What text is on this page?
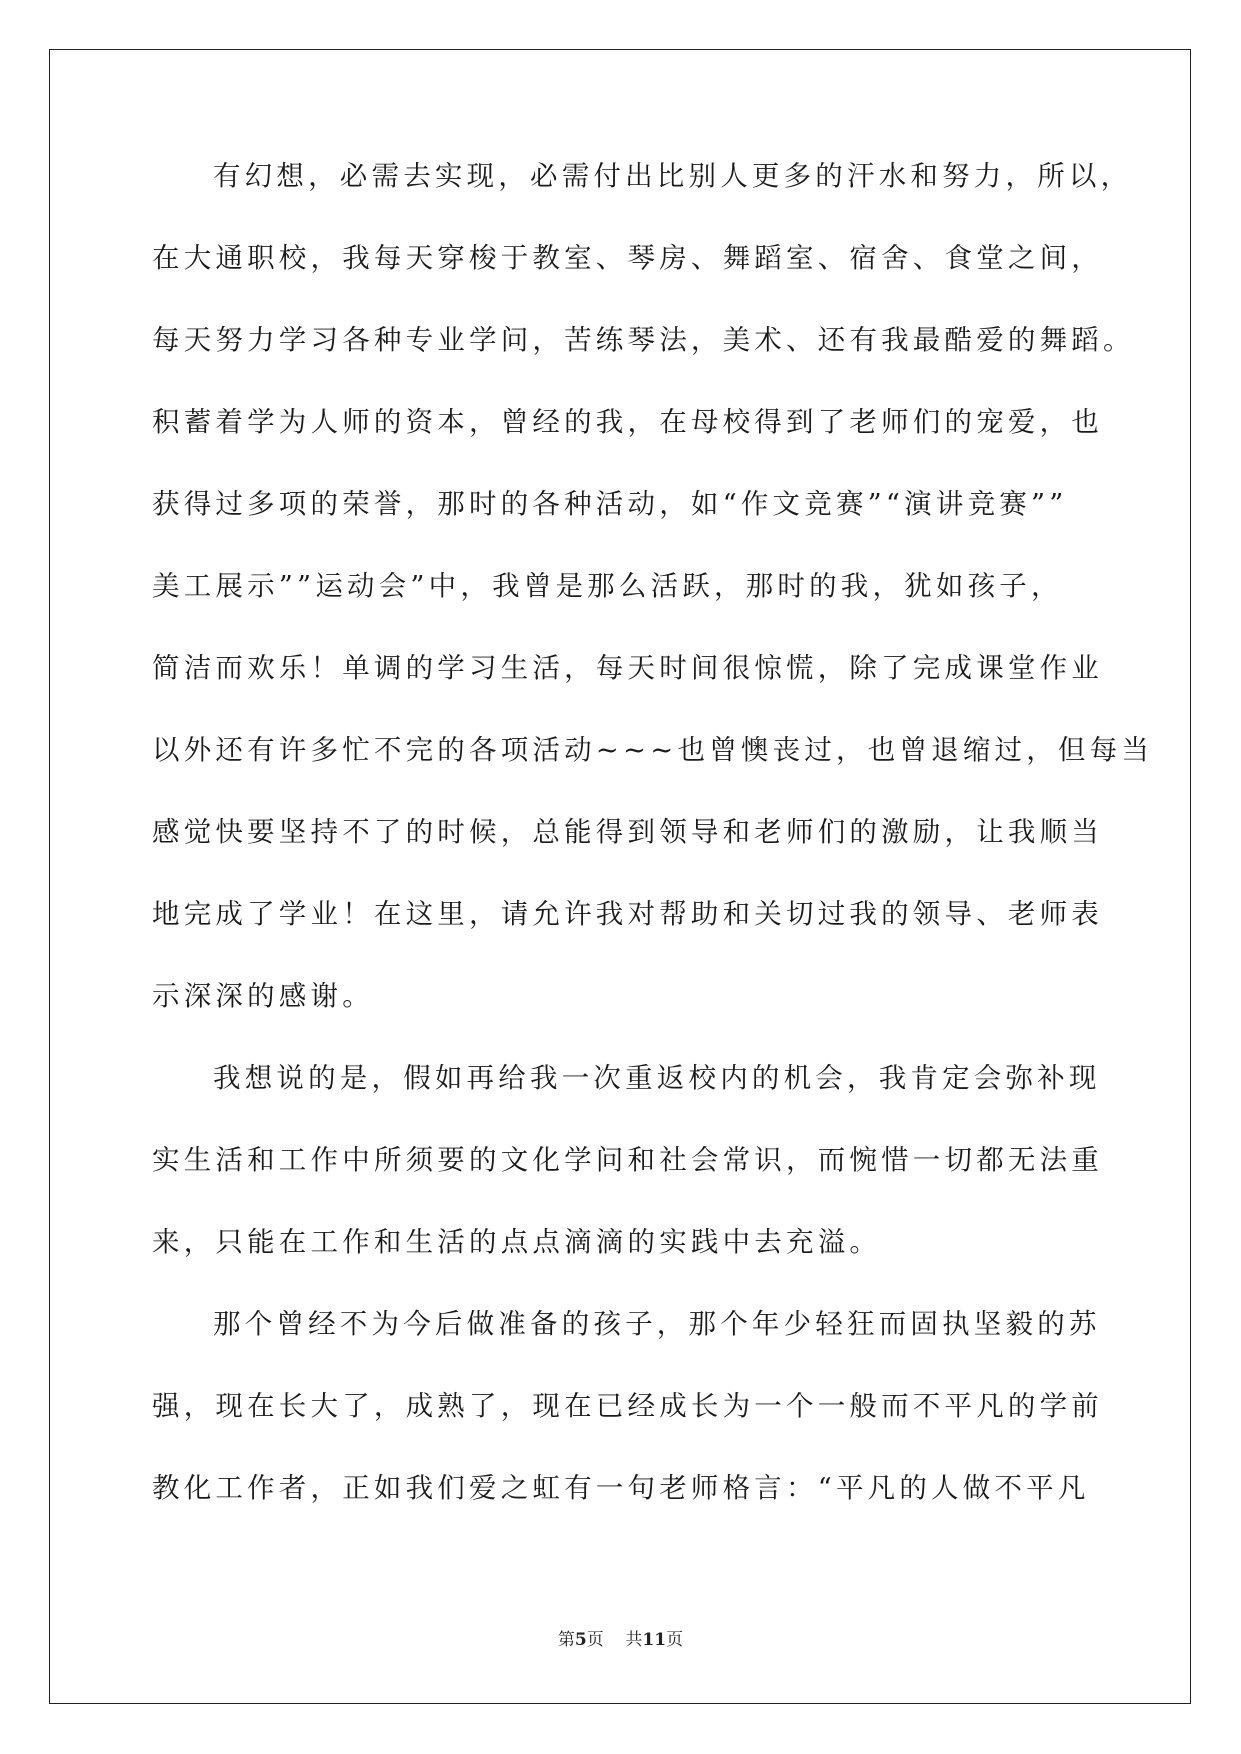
有幻想，必需去实现，必需付出比别人更多的汗水和努力，所以，
在大通职校，我每天穿梭于教室、琴房、舞蹈室、宿舍、食堂之间，
每天努力学习各种专业学问，苦练琴法，美术、还有我最酷爱的舞蹈。
积蓄着学为人师的资本，曾经的我，在母校得到了老师们的宠爱，也
获得过多项的荣誉，那时的各种活动，如“作文竞赛”“演讲竞赛””
美工展示””运动会”中，我曾是那么活跃，那时的我，犹如孩子，
简洁而欢乐！单调的学习生活，每天时间很惊慌，除了完成课堂作业
以外还有许多忙不完的各项活动~~~也曾懊丧过，也曾退缩过，但每当
感觉快要坚持不了的时候，总能得到领导和老师们的激励，让我顺当
地完成了学业！在这里，请允许我对帮助和关切过我的领导、老师表
示深深的感谢。
我想说的是，假如再给我一次重返校内的机会，我肯定会弥补现
实生活和工作中所须要的文化学问和社会常识，而惋惜一切都无法重
来，只能在工作和生活的点点滴滴的实践中去充溢。
那个曾经不为今后做准备的孩子，那个年少轻狂而固执坚毅的苏
强，现在长大了，成熟了，现在已经成长为一个一般而不平凡的学前
教化工作者，正如我们爱之虹有一句老师格言：“平凡的人做不平凡
第5页 共11页
